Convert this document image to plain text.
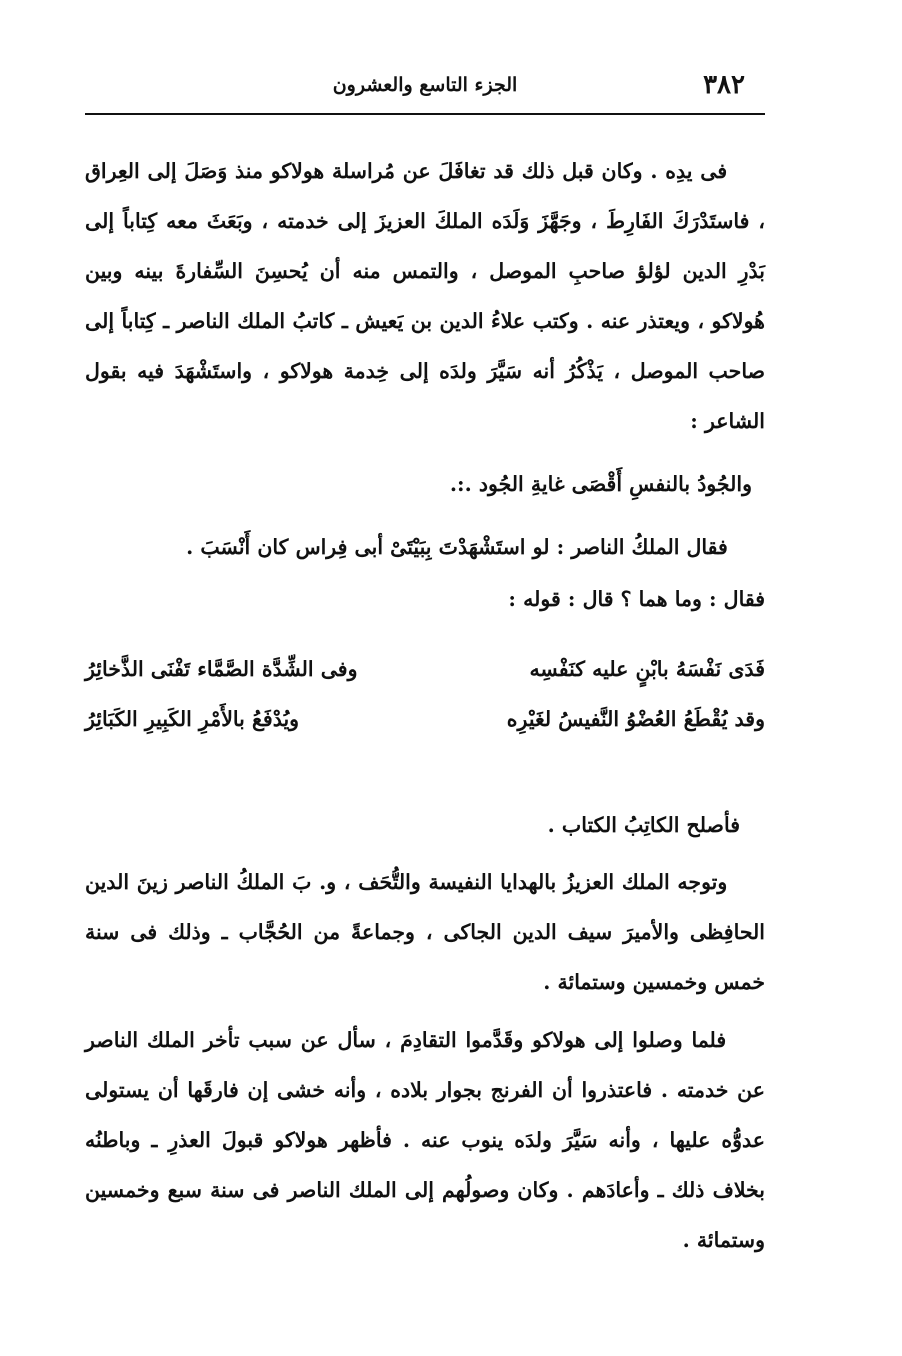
٣٨٢
الجزء التاسع والعشرون
فى يدِه . وكان قبل ذلك قد تغافَلَ عن مُراسلة هولاكو منذ وَصَلَ إلى العِراق ، فاستَدْرَكَ الفَارِطَ ، وجَهَّزَ وَلَدَه الملكَ العزيزَ إلى خدمته ، وبَعَثَ معه كِتاباً إلى بَدْرِ الدين لؤلؤ صاحبِ الموصل ، والتمس منه أن يُحسِنَ السِّفارةَ بينه وبين هُولاكو ، ويعتذر عنه . وكتب علاءُ الدين بن يَعيش ـ كاتبُ الملك الناصر ـ كِتاباً إلى صاحب الموصل ، يَذْكُرُ أنه سَيَّرَ ولدَه إلى خِدمة هولاكو ، واستَشْهَدَ فيه بقول الشاعر :
والجُودُ بالنفسِ أَقْصَى غايةِ الجُود .:.
فقال الملكُ الناصر : لو استَشْهَدْتَ بِبَيْتَىْ أبى فِراس كان أَنْسَبَ .
فقال : وما هما ؟ قال : قوله :
فَدَى نَفْسَهُ بابْنٍ عليه كنَفْسِه
وفى الشِّدَّة الصَّمَّاء تَفْنَى الذَّخائِرُ
وقد يُقْطَعُ العُضْوُ النَّفيسُ لغَيْرِه
ويُدْفَعُ بالأَمْرِ الكَبِيرِ الكَبَائِرُ
فأصلح الكاتِبُ الكتاب .
وتوجه الملك العزيزُ بالهدايا النفيسة والتُّحَف ، و. بَ الملكُ الناصر زينَ الدين الحافِظى والأميرَ سيف الدين الجاكى ، وجماعةً من الحُجَّاب ـ وذلك فى سنة خمس وخمسين وستمائة .
فلما وصلوا إلى هولاكو وقَدَّموا التقادِمَ ، سأل عن سبب تأخر الملك الناصر عن خدمته . فاعتذروا أن الفرنج بجوار بلاده ، وأنه خشى إن فارقَها أن يستولى عدوُّه عليها ، وأنه سَيَّرَ ولدَه ينوب عنه . فأظهر هولاكو قبولَ العذرِ ـ وباطنُه بخلاف ذلك ـ وأعادَهم . وكان وصولُهم إلى الملك الناصر فى سنة سبع وخمسين وستمائة .
